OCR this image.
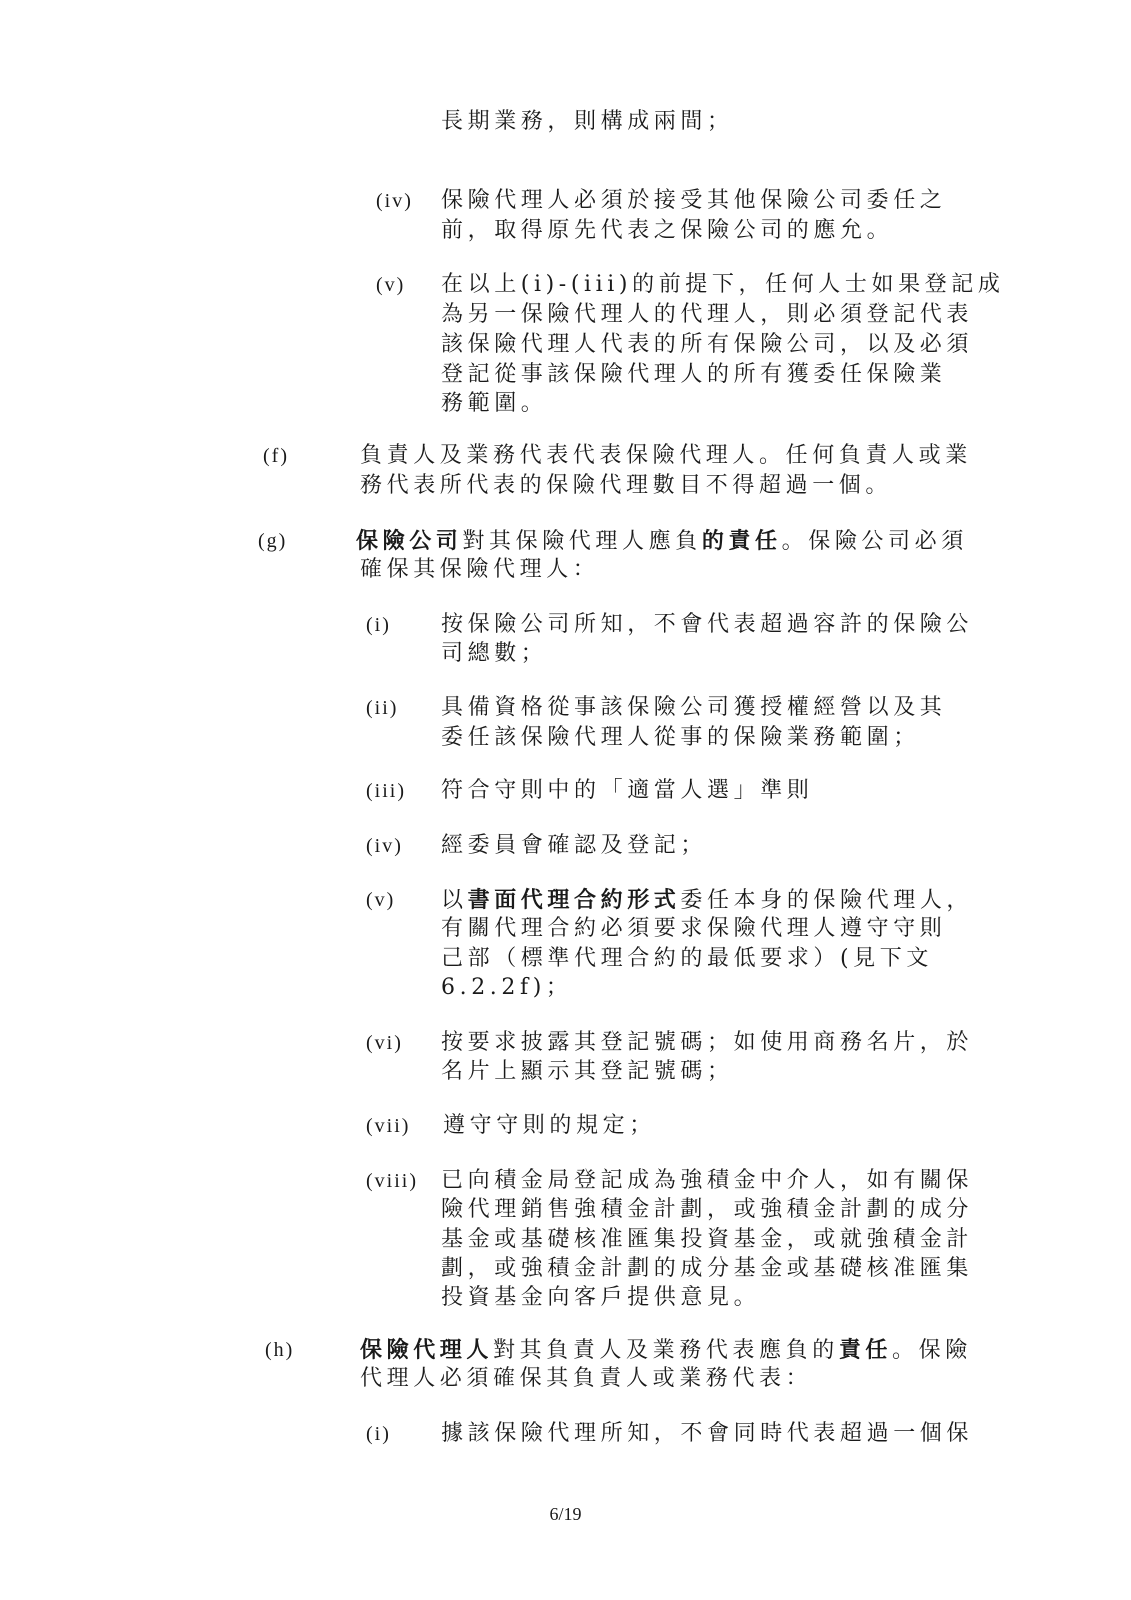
長期業務，則構成兩間；
(iv) 保險代理人必須於接受其他保險公司委任之
前，取得原先代表之保險公司的應允。
(v) 在以上(i)-(iii)的前提下，任何人士如果登記成
為另一保險代理人的代理人，則必須登記代表
該保險代理人代表的所有保險公司，以及必須
登記從事該保險代理人的所有獲委任保險業
務範圍。
(f)	負責人及業務代表代表保險代理人。任何負責人或業
務代表所代表的保險代理數目不得超過一個。
(g)	保險公司對其保險代理人應負的責任。保險公司必須
確保其保險代理人：
(i) 按保險公司所知，不會代表超過容許的保險公
司總數；
(ii) 具備資格從事該保險公司獲授權經營以及其
委任該保險代理人從事的保險業務範圍；
(iii) 符合守則中的「適當人選」準則
(iv) 經委員會確認及登記；
(v) 以書面代理合約形式委任本身的保險代理人，
有關代理合約必須要求保險代理人遵守守則
己部（標準代理合約的最低要求）(見下文
6.2.2f)；
(vi) 按要求披露其登記號碼；如使用商務名片，於
名片上顯示其登記號碼；
(vii) 遵守守則的規定；
(viii) 已向積金局登記成為強積金中介人，如有關保
險代理銷售強積金計劃，或強積金計劃的成分
基金或基礎核准匯集投資基金，或就強積金計
劃，或強積金計劃的成分基金或基礎核准匯集
投資基金向客戶提供意見。
(h)	保險代理人對其負責人及業務代表應負的責任。保險
代理人必須確保其負責人或業務代表：
(i) 據該保險代理所知，不會同時代表超過一個保
6/19
